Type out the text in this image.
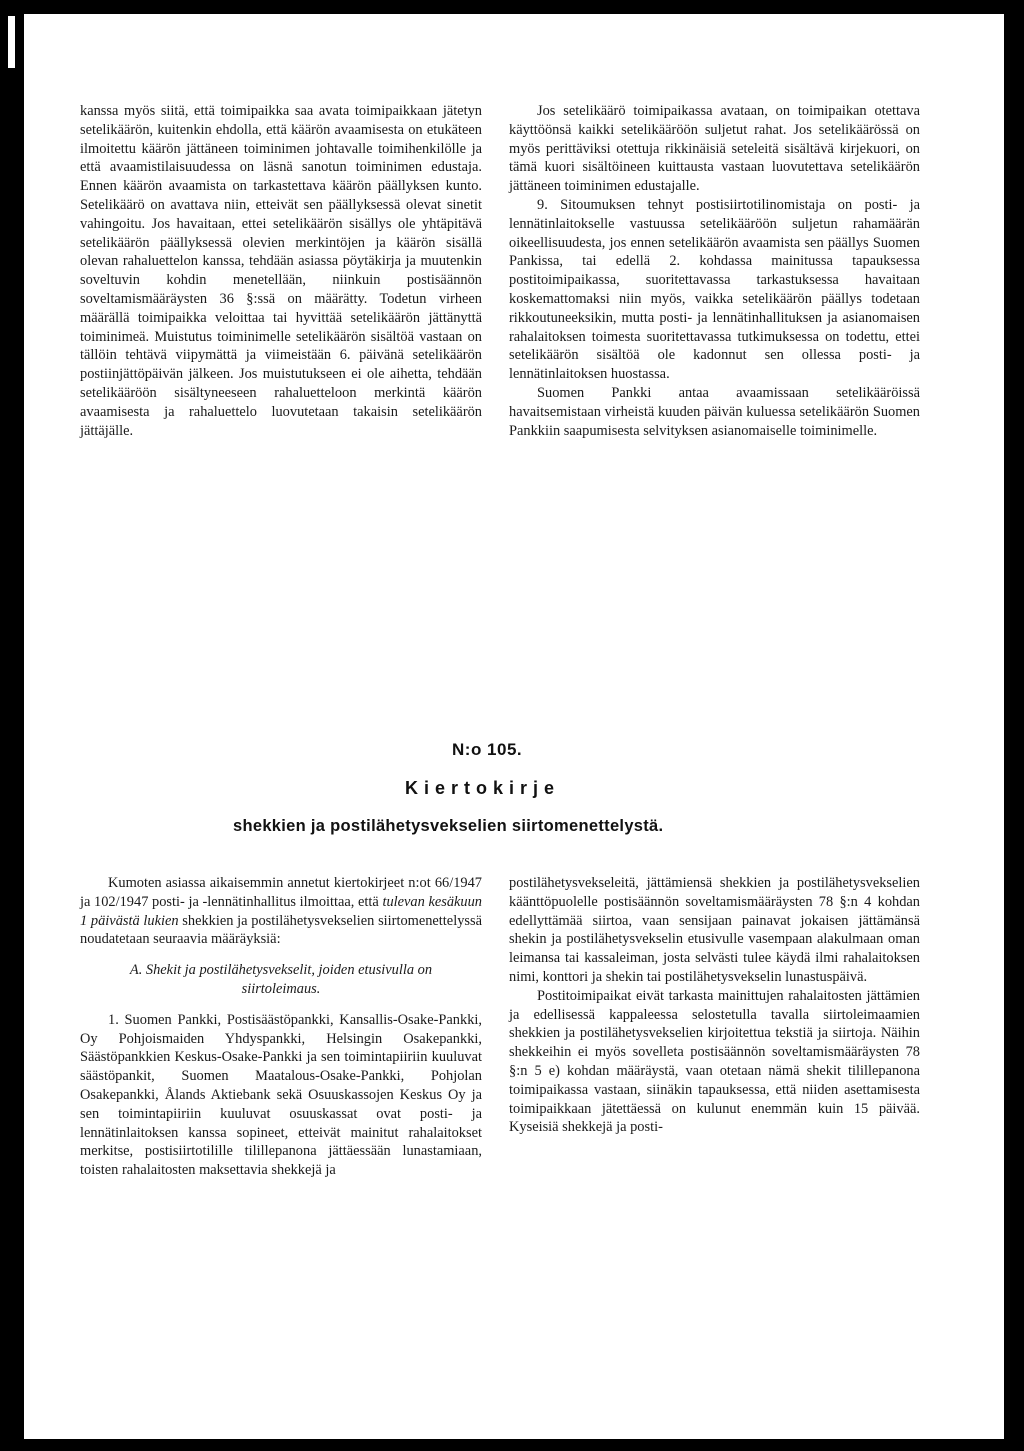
kanssa myös siitä, että toimipaikka saa avata toimipaikkaan jätetyn setelikäärön, kuitenkin ehdolla, että käärön avaamisesta on etukäteen ilmoitettu käärön jättäneen toiminimen johtavalle toimihenkilölle ja että avaamistilaisuudessa on läsnä sanotun toiminimen edustaja. Ennen käärön avaamista on tarkastettava käärön päällyksen kunto. Setelikäärö on avattava niin, etteivät sen päällyksessä olevat sinetit vahingoitu. Jos havaitaan, ettei setelikäärön sisällys ole yhtäpitävä setelikäärön päällyksessä olevien merkintöjen ja käärön sisällä olevan rahaluettelon kanssa, tehdään asiassa pöytäkirja ja muutenkin soveltuvin kohdin menetellään, niinkuin postisäännön soveltamismääräysten 36 §:ssä on määrätty. Todetun virheen määrällä toimipaikka veloittaa tai hyvittää setelikäärön jättänyttä toiminimeä. Muistutus toiminimelle setelikäärön sisältöä vastaan on tällöin tehtävä viipymättä ja viimeistään 6. päivänä setelikäärön postiinjättöpäivän jälkeen. Jos muistutukseen ei ole aihetta, tehdään setelikääröön sisältyneeseen rahaluetteloon merkintä käärön avaamisesta ja rahaluettelo luovutetaan takaisin setelikäärön jättäjälle.

Jos setelikäärö toimipaikassa avataan, on toimipaikan otettava käyttöönsä kaikki setelikääröön suljetut rahat. Jos setelikäärössä on myös perittäviksi otettuja rikkinäisiä seteleitä sisältävä kirjekuori, on tämä kuori sisältöineen kuittausta vastaan luovutettava setelikäärön jättäneen toiminimen edustajalle.

9. Sitoumuksen tehnyt postisiirtotilinomistaja on posti- ja lennätinlaitokselle vastuussa setelikääröön suljetun rahamäärän oikeellisuudesta, jos ennen setelikäärön avaamista sen päällys Suomen Pankissa, tai edellä 2. kohdassa mainitussa tapauksessa postitoimipaikassa, suoritettavassa tarkastuksessa havaitaan koskemattomaksi niin myös, vaikka setelikäärön päällys todetaan rikkoutuneeksikin, mutta posti- ja lennätinhallituksen ja asianomaisen rahalaitoksen toimesta suoritettavassa tutkimuksessa on todettu, ettei setelikäärön sisältöä ole kadonnut sen ollessa posti- ja lennätinlaitoksen huostassa.

Suomen Pankki antaa avaamissaan setelikääröissä havaitsemistaan virheistä kuuden päivän kuluessa setelikäärön Suomen Pankkiin saapumisesta selvityksen asianomaiselle toiminimelle.

N:o 105.
Kiertokirje
shekkien ja postilähetysvekselien siirtomenettelystä.

Kumoten asiassa aikaisemmin annetut kiertokirjeet n:ot 66/1947 ja 102/1947 posti- ja -lennätinhallitus ilmoittaa, että tulevan kesäkuun 1 päivästä lukien shekkien ja postilähetysvekselien siirtomenettelyssä noudatetaan seuraavia määräyksiä:

A. Shekit ja postilähetysvekselit, joiden etusivulla on siirtoleimaus.

1. Suomen Pankki, Postisäästöpankki, Kansallis-Osake-Pankki, Oy Pohjoismaiden Yhdyspankki, Helsingin Osakepankki, Säästöpankkien Keskus-Osake-Pankki ja sen toimintapiiriin kuuluvat säästöpankit, Suomen Maatalous-Osake-Pankki, Pohjolan Osakepankki, Ålands Aktiebank sekä Osuuskassojen Keskus Oy ja sen toimintapiiriin kuuluvat osuuskassat ovat posti- ja lennätinlaitoksen kanssa sopineet, etteivät mainitut rahalaitokset merkitse, postisiirtotilille tilillepanona jättäessään lunastamiaan, toisten rahalaitosten maksettavia shekkejä ja

postilähetysvekseleitä, jättämiensä shekkien ja postilähetysvekselien käänttöpuolelle postisäännön soveltamismääräysten 78 §:n 4 kohdan edellyttämää siirtoa, vaan sensijaan painavat jokaisen jättämänsä shekin ja postilähetysvekselin etusivulle vasempaan alakulmaan oman leimansa tai kassaleiman, josta selvästi tulee käydä ilmi rahalaitoksen nimi, konttori ja shekin tai postilähetysvekselin lunastuspäivä.

Postitoimipaikat eivät tarkasta mainittujen rahalaitosten jättämien ja edellisessä kappaleessa selostetulla tavalla siirtoleimaamien shekkien ja postilähetysvekselien kirjoitettua tekstiä ja siirtoja. Näihin shekkeihin ei myös sovelleta postisäännön soveltamismääräysten 78 §:n 5 e) kohdan määräystä, vaan otetaan nämä shekit tilillepanona toimipaikassa vastaan, siinäkin tapauksessa, että niiden asettamisesta toimipaikkaan jätettäessä on kulunut enemmän kuin 15 päivää. Kyseisiä shekkejä ja posti-
